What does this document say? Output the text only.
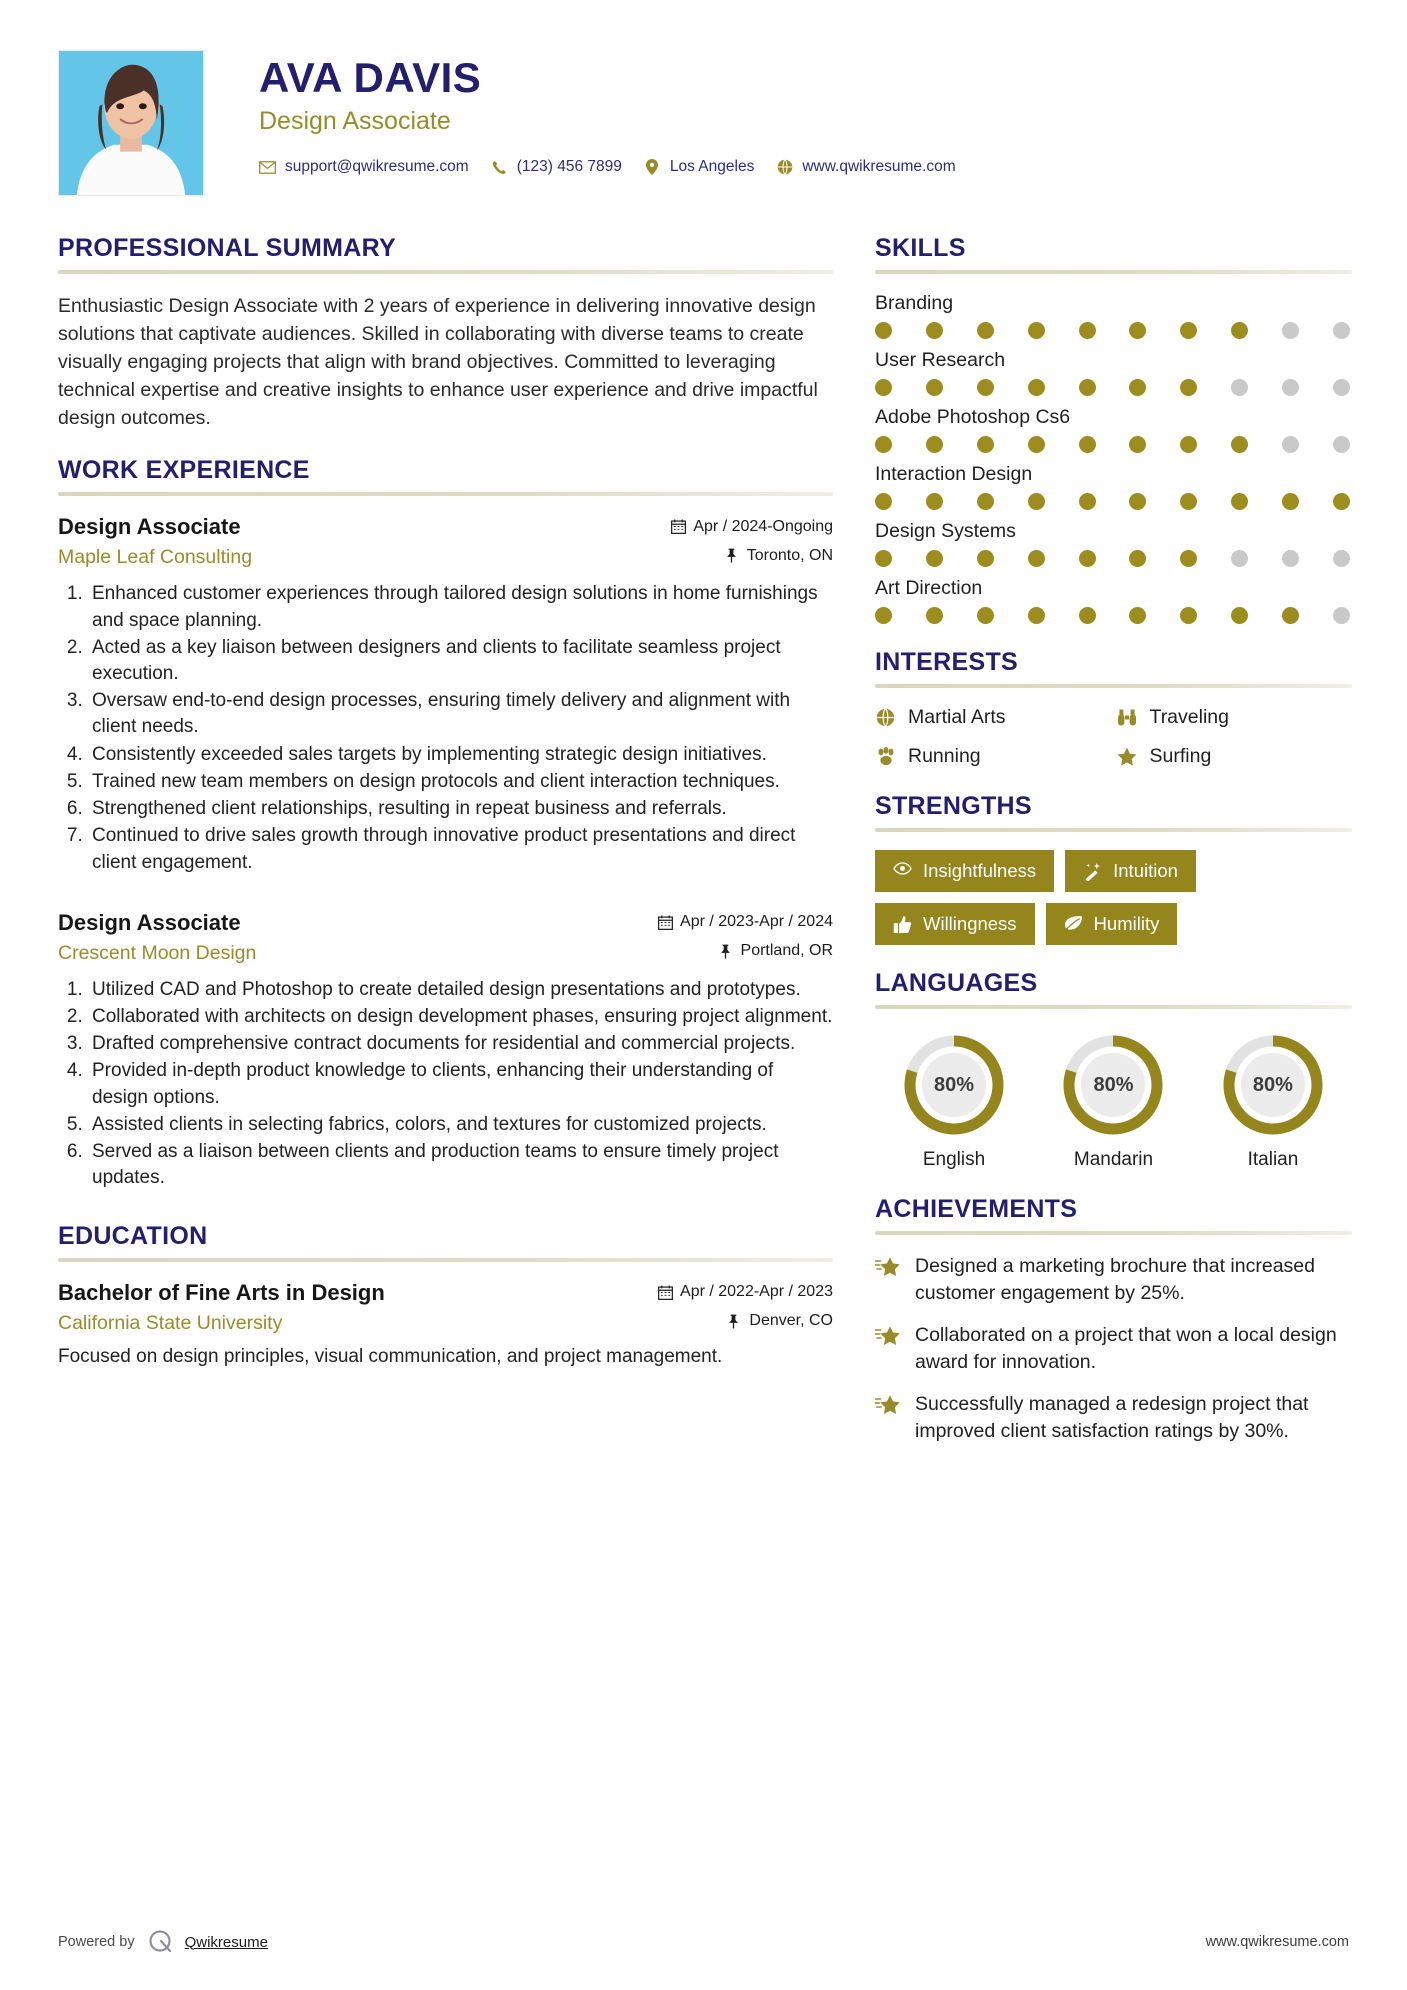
AVA DAVIS
Design Associate
support@qwikresume.com	(123) 456 7899	Los Angeles	www.qwikresume.com
PROFESSIONAL SUMMARY

Enthusiastic Design Associate with 2 years of experience in delivering innovative design solutions that captivate audiences. Skilled in collaborating with diverse teams to create visually engaging projects that align with brand objectives. Committed to leveraging technical expertise and creative insights to enhance user experience and drive impactful design outcomes.

WORK EXPERIENCE
Design Associate	Apr / 2024-Ongoing
Maple Leaf Consulting	Toronto, ON
1. Enhanced customer experiences through tailored design solutions in home furnishings and space planning.
2. Acted as a key liaison between designers and clients to facilitate seamless project execution.
3. Oversaw end-to-end design processes, ensuring timely delivery and alignment with client needs.
4. Consistently exceeded sales targets by implementing strategic design initiatives.
5. Trained new team members on design protocols and client interaction techniques.
6. Strengthened client relationships, resulting in repeat business and referrals.
7. Continued to drive sales growth through innovative product presentations and direct client engagement.
Design Associate	Apr / 2023-Apr / 2024
Crescent Moon Design	Portland, OR
1. Utilized CAD and Photoshop to create detailed design presentations and prototypes.
2. Collaborated with architects on design development phases, ensuring project alignment.
3. Drafted comprehensive contract documents for residential and commercial projects.
4. Provided in-depth product knowledge to clients, enhancing their understanding of design options.
5. Assisted clients in selecting fabrics, colors, and textures for customized projects.
6. Served as a liaison between clients and production teams to ensure timely project updates.
EDUCATION
Bachelor of Fine Arts in Design	Apr / 2022-Apr / 2023
California State University	Denver, CO

Focused on design principles, visual communication, and project management.

SKILLS
Branding
User Research
Adobe Photoshop Cs6
Interaction Design
Design Systems
Art Direction
INTERESTS
Martial Arts	Traveling
Running	Surfing
STRENGTHS
Insightfulness	Intuition
Willingness	Humility
LANGUAGES
80%
English
80%
Mandarin
80%
Italian
ACHIEVEMENTS
Designed a marketing brochure that increased customer engagement by 25%.
Collaborated on a project that won a local design award for innovation.
Successfully managed a redesign project that improved client satisfaction ratings by 30%.
Powered by	Qwikresume	www.qwikresume.com
